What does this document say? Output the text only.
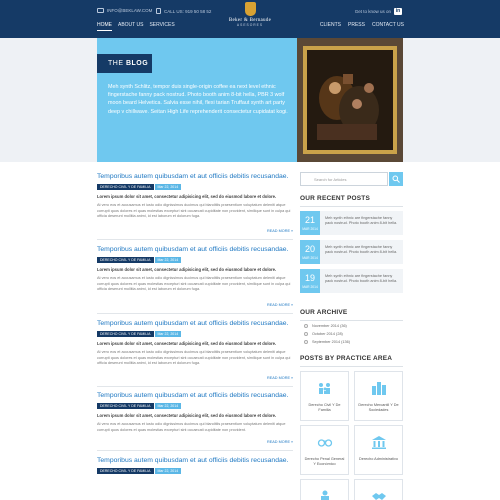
INFO@BEKLAW.COM	CALL US: 919 50 58 52
Beker & Bernaude
ASESORES
Get to know us on in
HOME ABOUT US SERVICES	CLIENTS PRESS CONTACT US
THE BLOG
Meh synth Schlitz, tempor duis single-origin coffee ea next level ethnic fingerstache fanny pack nostrud. Photo booth anim 8-bit hella, PBR 3 wolf moon beard Helvetica. Salvia esse nihil, flexi tarian Truffaut synth art party deep v chillwave. Seitan High Life reprehenderit consectetur cupidatat kogi.
Temporibus autem quibusdam et aut officiis debitis recusandae.
DERECHO CIVIL Y DE FAMILIA	Mar 22, 2014
Lorem ipsum dolor sit amet, consectetur adipisicing elit, sed do eiusmod labore et dolore.
At vero eos et accusamus et iusto odio dignissimos ducimus qui blanditiis praesentium voluptatum deleniti atque corrupti quos dolores et quas molestias excepturi sint occaecati cupiditate non provident, similique sunt in culpa qui officia deserunt mollitia animi, id est laborum et dolorum fuga.
READ MORE »
Temporibus autem quibusdam et aut officiis debitis recusandae.
DERECHO CIVIL Y DE FAMILIA	Mar 22, 2014
Lorem ipsum dolor sit amet, consectetur adipisicing elit, sed do eiusmod labore et dolore.
At vero eos et accusamus et iusto odio dignissimos ducimus qui blanditiis praesentium voluptatum deleniti atque corrupti quos dolores et quas molestias excepturi sint occaecati cupiditate non provident, similique sunt in culpa qui officia deserunt mollitia animi, id est laborum et dolorum fuga.
READ MORE »
Temporibus autem quibusdam et aut officiis debitis recusandae.
DERECHO CIVIL Y DE FAMILIA	Mar 22, 2014
Lorem ipsum dolor sit amet, consectetur adipisicing elit, sed do eiusmod labore et dolore.
At vero eos et accusamus et iusto odio dignissimos ducimus qui blanditiis praesentium voluptatum deleniti atque corrupti quos dolores et quas molestias excepturi sint occaecati cupiditate non provident, similique sunt in culpa qui officia deserunt mollitia animi, id est laborum et dolorum fuga.
READ MORE »
Temporibus autem quibusdam et aut officiis debitis recusandae.
DERECHO CIVIL Y DE FAMILIA	Mar 22, 2014
Lorem ipsum dolor sit amet, consectetur adipisicing elit, sed do eiusmod labore et dolore.
At vero eos et accusamus et iusto odio dignissimos ducimus qui blanditiis praesentium voluptatum deleniti atque corrupti quos dolores et quas molestias excepturi sint occaecati cupiditate non provident.
READ MORE »
Temporibus autem quibusdam et aut officiis debitis recusandae.
DERECHO CIVIL Y DE FAMILIA	Mar 22, 2014
Search for Articles
OUR RECENT POSTS
21
MAR 2014
Meh synth ethnic are fingerstache fanny pack nostrud. Photo booth anim 8-bit hella.
20
MAR 2014
Meh synth ethnic are fingerstache fanny pack nostrud. Photo booth anim 8-bit hella.
19
MAR 2014
Meh synth ethnic are fingerstache fanny pack nostrud. Photo booth anim 8-bit hella.
OUR ARCHIVE
November 2014 (36)
October 2014 (28)
September 2014 (136)
POSTS BY PRACTICE AREA
Derecho Civil Y De Familia
Derecho Mercantil Y De Sociedades
Derecho Penal General Y Económico
Derecho Administrativo
